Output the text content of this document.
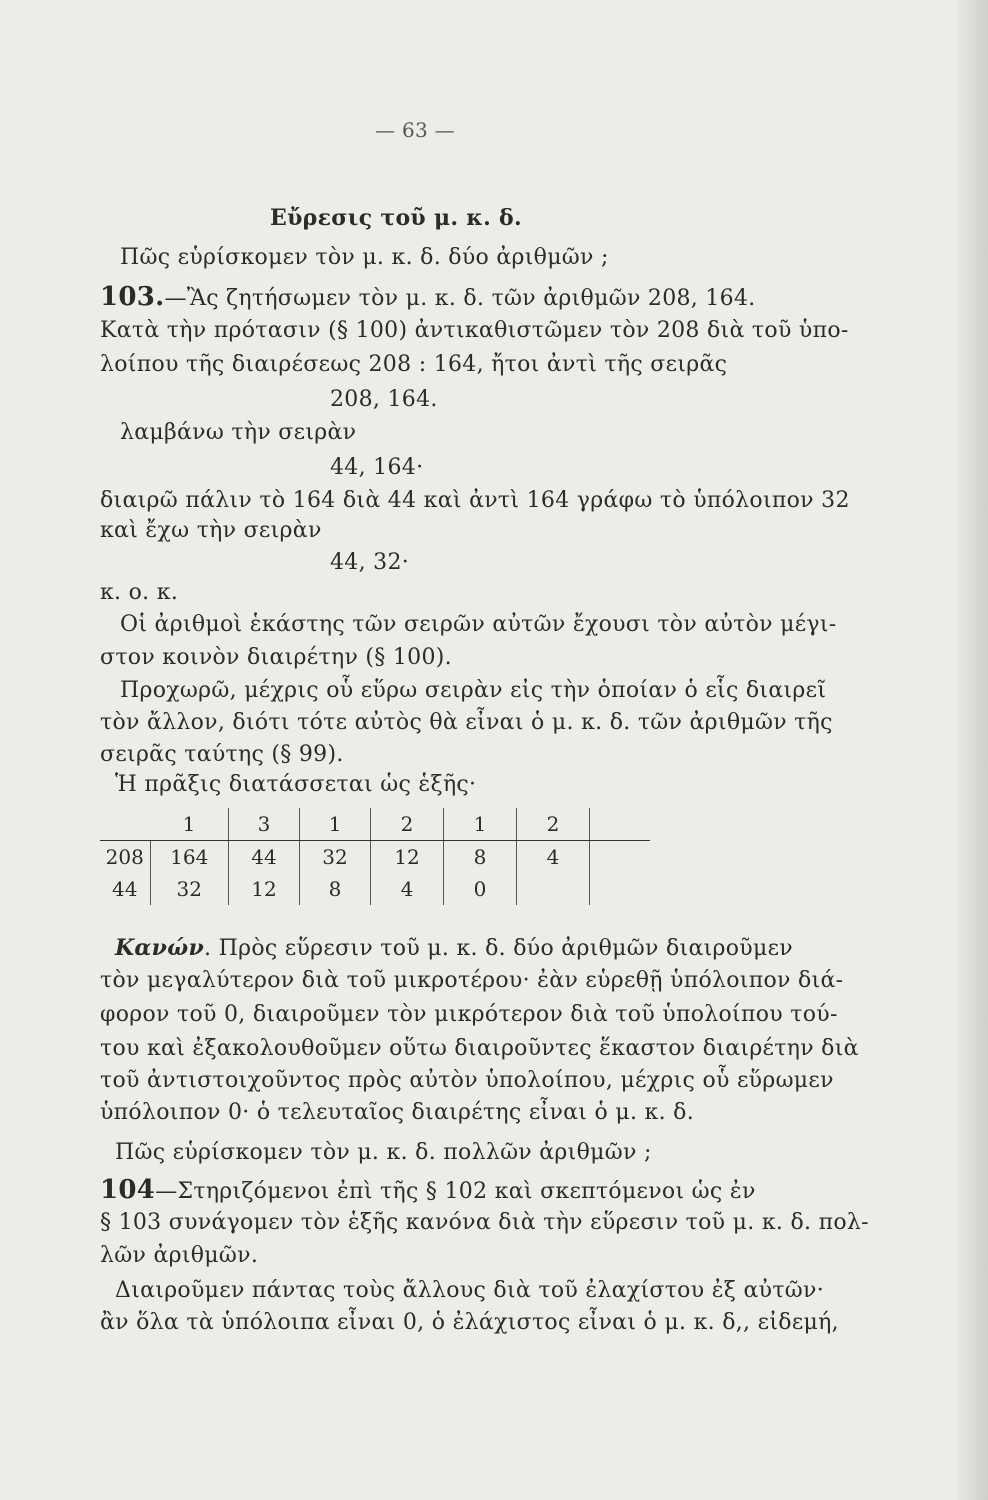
— 63 —
Εὔρεσις τοῦ μ. κ. δ.
Πῶς εὑρίσκομεν τὸν μ. κ. δ. δύο ἀριθμῶν ;
103.—Ἂς ζητήσωμεν τὸν μ. κ. δ. τῶν ἀριθμῶν 208, 164.
Κατὰ τὴν πρότασιν (§ 100) ἀντικαθιστῶμεν τὸν 208 διὰ τοῦ ὑπο-
λοίπου τῆς διαιρέσεως 208 : 164, ἤτοι ἀντὶ τῆς σειρᾶς
208, 164.
λαμβάνω τὴν σειρὰν
44, 164·
διαιρῶ πάλιν τὸ 164 διὰ 44 καὶ ἀντὶ 164 γράφω τὸ ὑπόλοιπον 32
καὶ ἔχω τὴν σειρὰν
44, 32·
κ. ο. κ.
Οἱ ἀριθμοὶ ἑκάστης τῶν σειρῶν αὐτῶν ἔχουσι τὸν αὐτὸν μέγι-
στον κοινὸν διαιρέτην (§ 100).
Προχωρῶ, μέχρις οὗ εὕρω σειρὰν εἰς τὴν ὁποίαν ὁ εἷς διαιρεῖ
τὸν ἄλλον, διότι τότε αὐτὸς θὰ εἶναι ὁ μ. κ. δ. τῶν ἀριθμῶν τῆς
σειρᾶς ταύτης (§ 99).
Ἡ πρᾶξις διατάσσεται ὡς ἑξῆς·
	1	3	1	2	1	2	
208	164	44	32	12	8	4	
44	32	12	8	4	0		
Κανών. Πρὸς εὕρεσιν τοῦ μ. κ. δ. δύο ἀριθμῶν διαιροῦμεν
τὸν μεγαλύτερον διὰ τοῦ μικροτέρου· ἐὰν εὑρεθῇ ὑπόλοιπον διά-
φορον τοῦ 0, διαιροῦμεν τὸν μικρότερον διὰ τοῦ ὑπολοίπου τού-
του καὶ ἐξακολουθοῦμεν οὕτω διαιροῦντες ἕκαστον διαιρέτην διὰ
τοῦ ἀντιστοιχοῦντος πρὸς αὐτὸν ὑπολοίπου, μέχρις οὗ εὕρωμεν
ὑπόλοιπον 0· ὁ τελευταῖος διαιρέτης εἶναι ὁ μ. κ. δ.
Πῶς εὑρίσκομεν τὸν μ. κ. δ. πολλῶν ἀριθμῶν ;
104—Στηριζόμενοι ἐπὶ τῆς § 102 καὶ σκεπτόμενοι ὡς ἐν
§ 103 συνάγομεν τὸν ἑξῆς κανόνα διὰ τὴν εὕρεσιν τοῦ μ. κ. δ. πολ-
λῶν ἀριθμῶν.
Διαιροῦμεν πάντας τοὺς ἄλλους διὰ τοῦ ἐλαχίστου ἐξ αὐτῶν·
ἂν ὅλα τὰ ὑπόλοιπα εἶναι 0, ὁ ἐλάχιστος εἶναι ὁ μ. κ. δ,, εἰδεμή,
